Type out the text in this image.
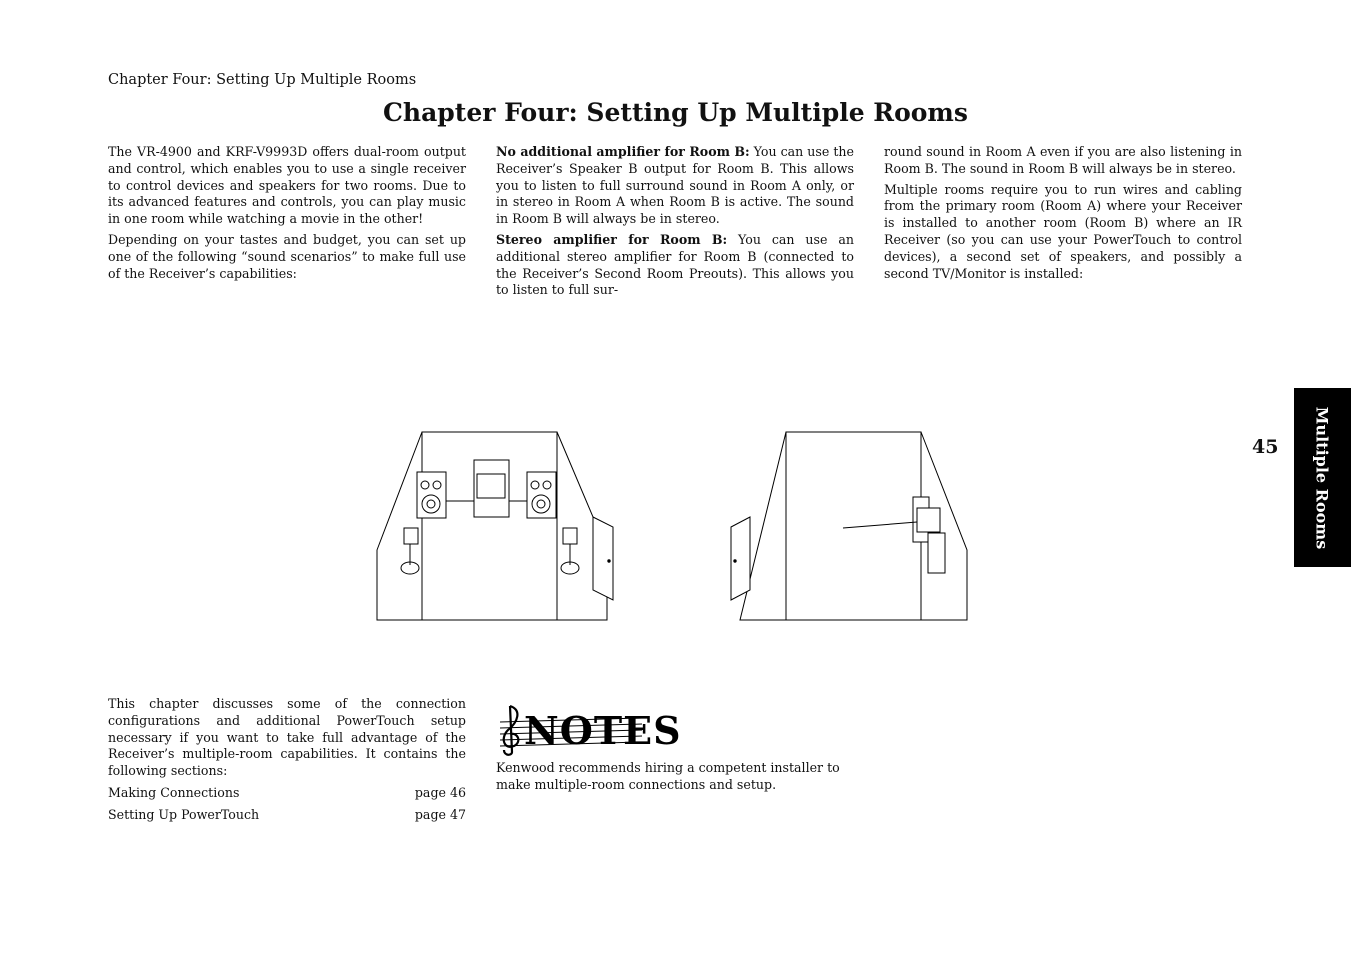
Chapter Four: Setting Up Multiple Rooms
Chapter Four: Setting Up Multiple Rooms

The VR-4900 and KRF-V9993D offers dual-room output and control, which enables you to use a single receiver to control devices and speakers for two rooms. Due to its advanced features and controls, you can play music in one room while watching a movie in the other!

Depending on your tastes and budget, you can set up one of the following “sound scenarios” to make full use of the Receiver’s capabilities:

No additional amplifier for Room B: You can use the Receiver’s Speaker B output for Room B. This allows you to listen to full surround sound in Room A only, or in stereo in Room A when Room B is active. The sound in Room B will always be in stereo.

Stereo amplifier for Room B: You can use an additional stereo amplifier for Room B (connected to the Receiver’s Second Room Preouts). This allows you to listen to full sur-

round sound in Room A even if you are also listening in Room B. The sound in Room B will always be in stereo.

Multiple rooms require you to run wires and cabling from the primary room (Room A) where your Receiver is installed to another room (Room B) where an IR Receiver (so you can use your PowerTouch to control devices), a second set of speakers, and possibly a second TV/Monitor is installed:

Multiple Rooms
45

This chapter discusses some of the connection configurations and additional PowerTouch setup necessary if you want to take full advantage of the Receiver’s multiple-room capabilities. It contains the following sections:

Making Connections	page 46
Setting Up PowerTouch	page 47
NOTES
Kenwood recommends hiring a competent installer to make multiple-room connections and setup.
